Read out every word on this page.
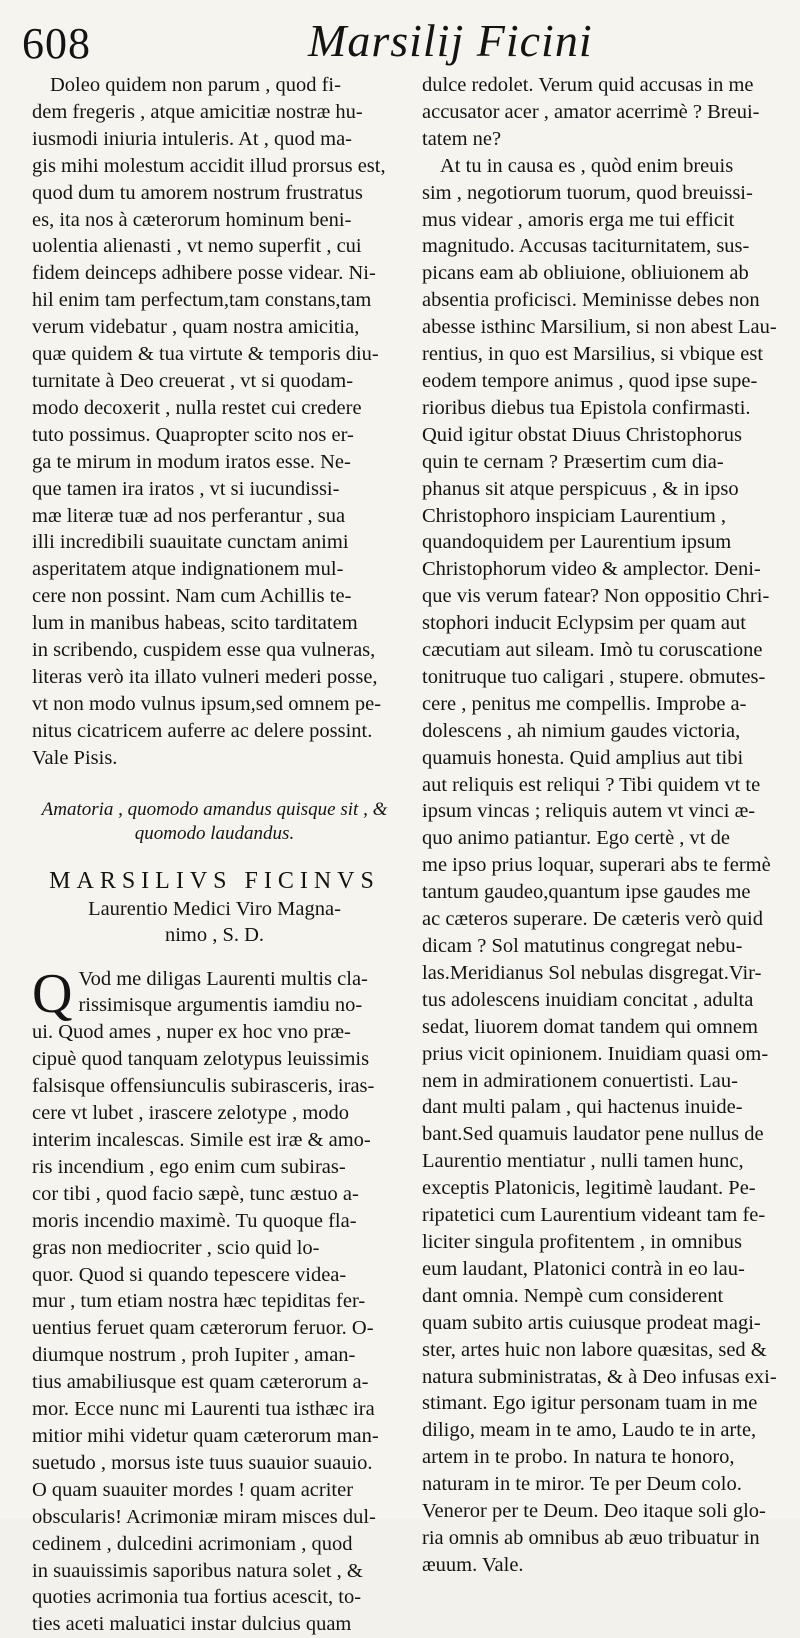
608	Marsilij Ficini
Doleo quidem non parum , quod fi-
dem fregeris , atque amicitiæ nostræ hu-
iusmodi iniuria intuleris. At , quod ma-
gis mihi molestum accidit illud prorsus est,
quod dum tu amorem nostrum frustratus
es, ita nos à cæterorum hominum beni-
uolentia alienasti , vt nemo superfit , cui
fidem deinceps adhibere posse videar. Ni-
hil enim tam perfectum,tam constans,tam
verum videbatur , quam nostra amicitia,
quæ quidem & tua virtute & temporis diu-
turnitate à Deo creuerat , vt si quodam-
modo decoxerit , nulla restet cui credere
tuto possimus. Quapropter scito nos er-
ga te mirum in modum iratos esse. Ne-
que tamen ira iratos , vt si iucundissi-
mæ literæ tuæ ad nos perferantur , sua
illi incredibili suauitate cunctam animi
asperitatem atque indignationem mul-
cere non possint. Nam cum Achillis te-
lum in manibus habeas, scito tarditatem
in scribendo, cuspidem esse qua vulneras,
literas verò ita illato vulneri mederi posse,
vt non modo vulnus ipsum,sed omnem pe-
nitus cicatricem auferre ac delere possint.
Vale Pisis.
Amatoria , quomodo amandus quisque sit , &
quomodo laudandus.
MARSILIVS FICINVS
Laurentio Medici Viro Magna-
nimo , S. D.
Q Vod me diligas Laurenti multis cla-
rissimisque argumentis iamdiu no-
ui. Quod ames , nuper ex hoc vno præ-
cipuè quod tanquam zelotypus leuissimis
falsisque offensiunculis subirasceris, iras-
cere vt lubet , irascere zelotype , modo
interim incalescas. Simile est iræ & amo-
ris incendium , ego enim cum subiras-
cor tibi , quod facio sæpè, tunc æstuo a-
moris incendio maximè. Tu quoque fla-
gras non mediocriter , scio quid lo-
quor. Quod si quando tepescere videa-
mur , tum etiam nostra hæc tepiditas fer-
uentius feruet quam cæterorum feruor. O-
diumque nostrum , proh Iupiter , aman-
tius amabiliusque est quam cæterorum a-
mor. Ecce nunc mi Laurenti tua isthæc ira
mitior mihi videtur quam cæterorum man-
suetudo , morsus iste tuus suauior suauio.
O quam suauiter mordes ! quam acriter
obscularis! Acrimoniæ miram misces dul-
cedinem , dulcedini acrimoniam , quod
in suauissimis saporibus natura solet , &
quoties acrimonia tua fortius acescit, to-
ties aceti maluatici instar dulcius quam
dulce redolet. Verum quid accusas in me
accusator acer , amator acerrimè ? Breui-
tatem ne?
At tu in causa es , quòd enim breuis
sim , negotiorum tuorum, quod breuissi-
mus videar , amoris erga me tui efficit
magnitudo. Accusas taciturnitatem, sus-
picans eam ab obliuione, obliuionem ab
absentia proficisci. Meminisse debes non
abesse isthinc Marsilium, si non abest Lau-
rentius, in quo est Marsilius, si vbique est
eodem tempore animus , quod ipse supe-
rioribus diebus tua Epistola confirmasti.
Quid igitur obstat Diuus Christophorus
quin te cernam ? Præsertim cum dia-
phanus sit atque perspicuus , & in ipso
Christophoro inspiciam Laurentium ,
quandoquidem per Laurentium ipsum
Christophorum video & amplector. Deni-
que vis verum fatear? Non oppositio Chri-
stophori inducit Eclypsim per quam aut
cæcutiam aut sileam. Imò tu coruscatione
tonitruque tuo caligari , stupere. obmutes-
cere , penitus me compellis. Improbe a-
dolescens , ah nimium gaudes victoria,
quamuis honesta. Quid amplius aut tibi
aut reliquis est reliqui ? Tibi quidem vt te
ipsum vincas ; reliquis autem vt vinci æ-
quo animo patiantur. Ego certè , vt de
me ipso prius loquar, superari abs te fermè
tantum gaudeo,quantum ipse gaudes me
ac cæteros superare. De cæteris verò quid
dicam ? Sol matutinus congregat nebu-
las.Meridianus Sol nebulas disgregat.Vir-
tus adolescens inuidiam concitat , adulta
sedat, liuorem domat tandem qui omnem
prius vicit opinionem. Inuidiam quasi om-
nem in admirationem conuertisti. Lau-
dant multi palam , qui hactenus inuide-
bant.Sed quamuis laudator pene nullus de
Laurentio mentiatur , nulli tamen hunc,
exceptis Platonicis, legitimè laudant. Pe-
ripatetici cum Laurentium videant tam fe-
liciter singula profitentem , in omnibus
eum laudant, Platonici contrà in eo lau-
dant omnia. Nempè cum considerent
quam subito artis cuiusque prodeat magi-
ster, artes huic non labore quæsitas, sed &
natura subministratas, & à Deo infusas exi-
stimant. Ego igitur personam tuam in me
diligo, meam in te amo, Laudo te in arte,
artem in te probo. In natura te honoro,
naturam in te miror. Te per Deum colo.
Veneror per te Deum. Deo itaque soli glo-
ria omnis ab omnibus ab æuo tribuatur in
æuum. Vale.
